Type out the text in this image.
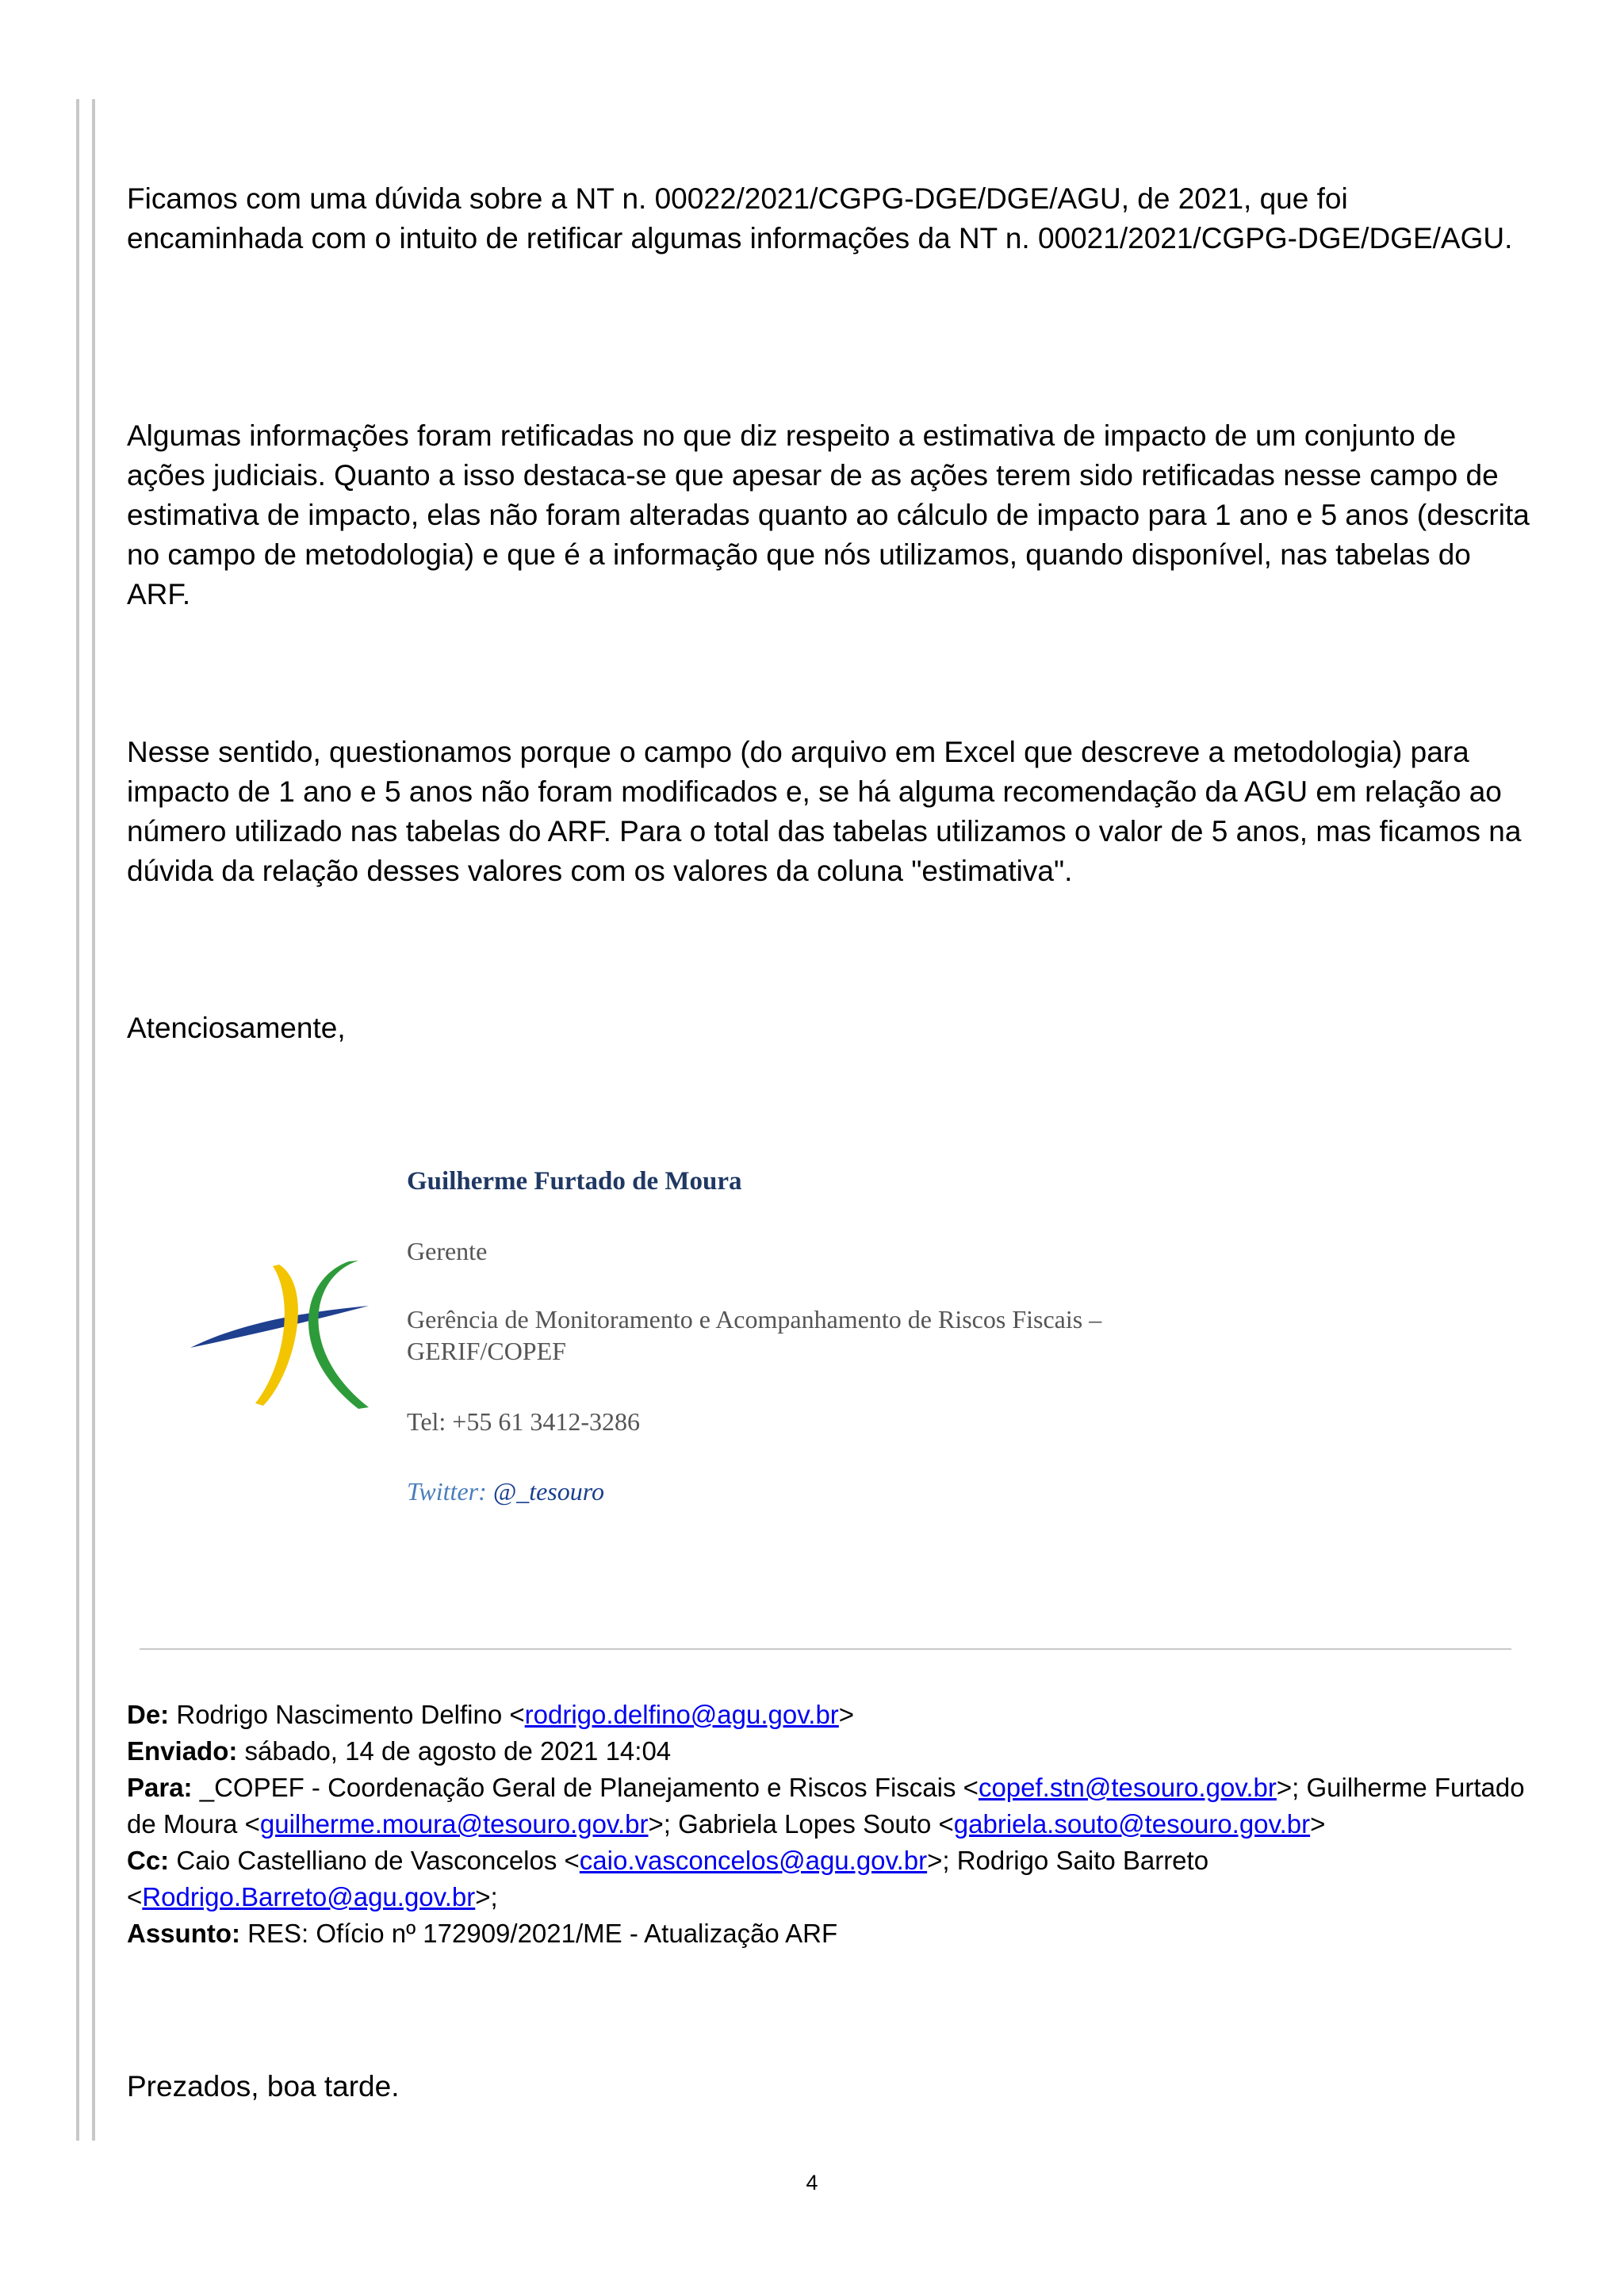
Ficamos com uma dúvida sobre a NT n. 00022/2021/CGPG-DGE/DGE/AGU, de 2021, que foi encaminhada com o intuito de retificar algumas informações da NT n. 00021/2021/CGPG-DGE/DGE/AGU.

Algumas informações foram retificadas no que diz respeito a estimativa de impacto de um conjunto de ações judiciais. Quanto a isso destaca-se que apesar de as ações terem sido retificadas nesse campo de estimativa de impacto, elas não foram alteradas quanto ao cálculo de impacto para 1 ano e 5 anos (descrita no campo de metodologia) e que é a informação que nós utilizamos, quando disponível, nas tabelas do ARF.

Nesse sentido, questionamos porque o campo (do arquivo em Excel que descreve a metodologia) para impacto de 1 ano e 5 anos não foram modificados e, se há alguma recomendação da AGU em relação ao número utilizado nas tabelas do ARF. Para o total das tabelas utilizamos o valor de 5 anos, mas ficamos na dúvida da relação desses valores com os valores da coluna "estimativa".

Atenciosamente,

Guilherme Furtado de Moura
Gerente
Gerência de Monitoramento e Acompanhamento de Riscos Fiscais – GERIF/COPEF
Tel: +55 61 3412-3286
Twitter: @_tesouro
De: Rodrigo Nascimento Delfino <rodrigo.delfino@agu.gov.br>
Enviado: sábado, 14 de agosto de 2021 14:04
Para: _COPEF - Coordenação Geral de Planejamento e Riscos Fiscais <copef.stn@tesouro.gov.br>; Guilherme Furtado de Moura <guilherme.moura@tesouro.gov.br>; Gabriela Lopes Souto <gabriela.souto@tesouro.gov.br>
Cc: Caio Castelliano de Vasconcelos <caio.vasconcelos@agu.gov.br>; Rodrigo Saito Barreto <Rodrigo.Barreto@agu.gov.br>;
Assunto: RES: Ofício nº 172909/2021/ME - Atualização ARF

Prezados, boa tarde.

4
